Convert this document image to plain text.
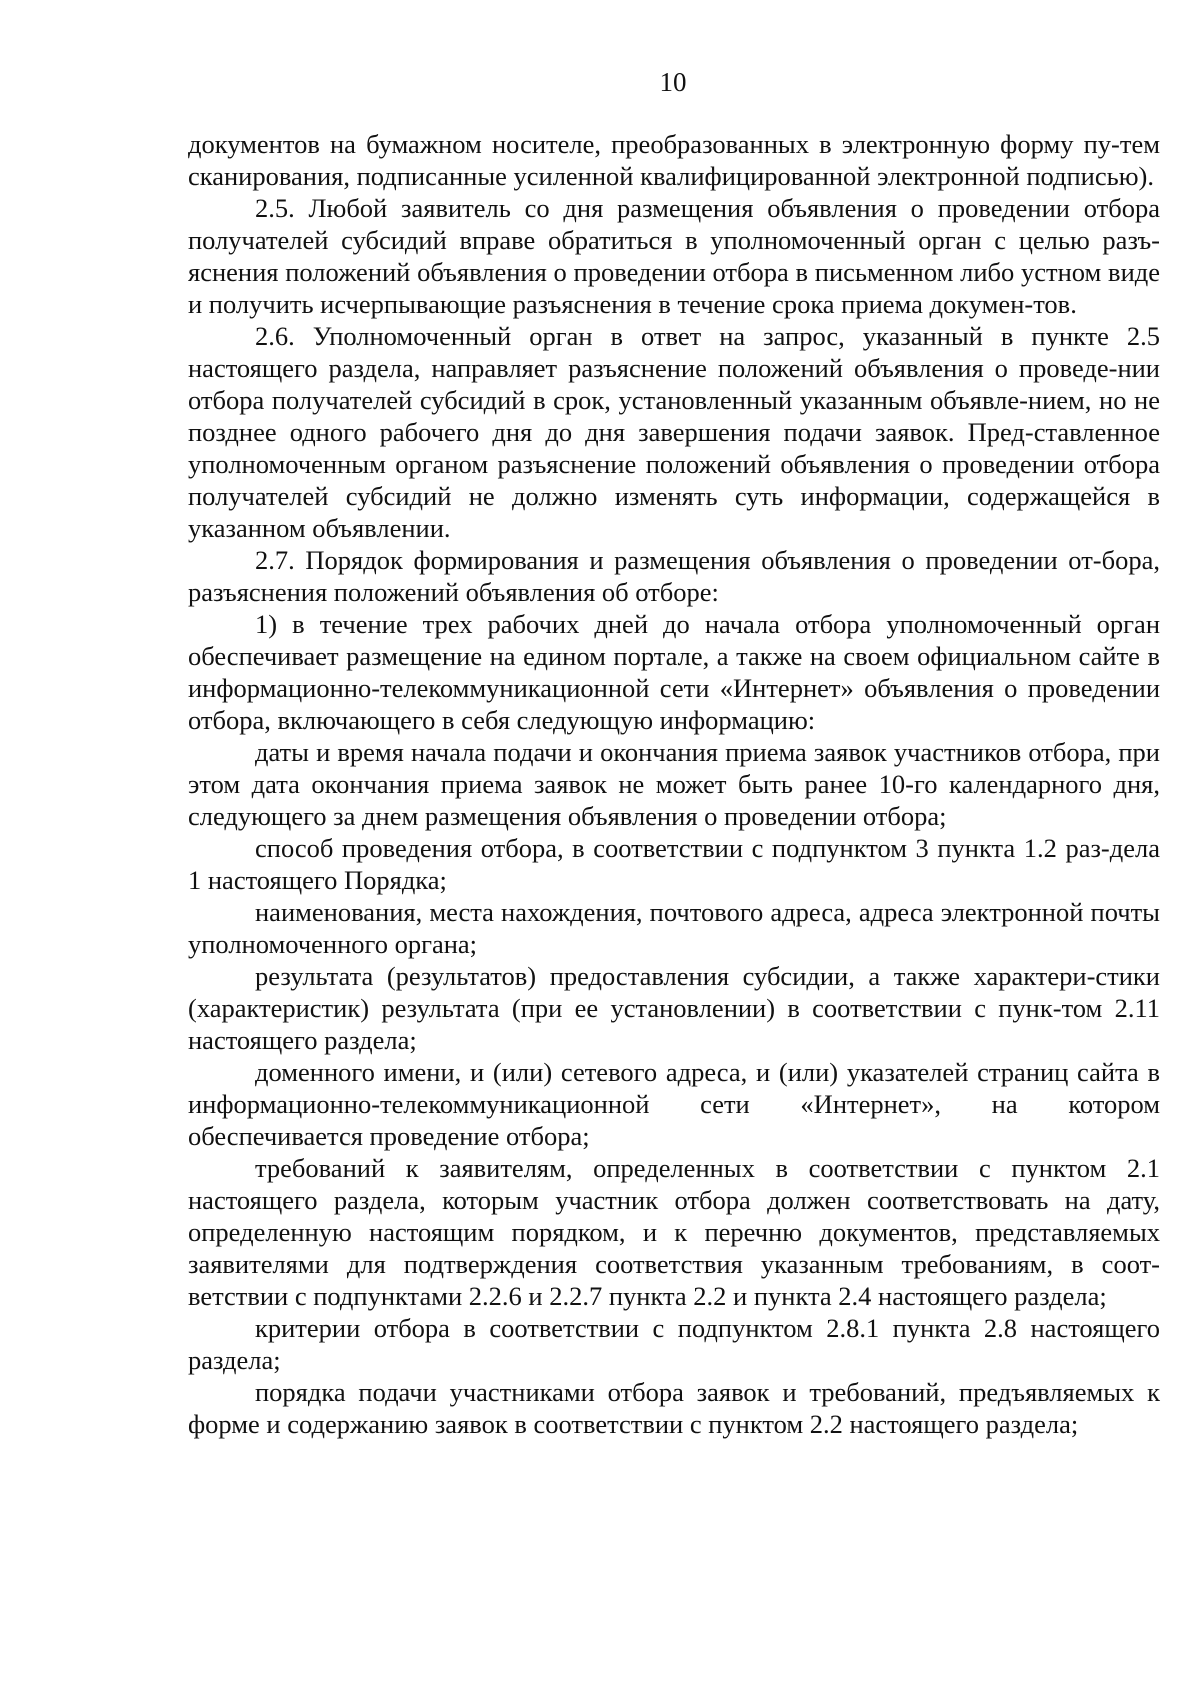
10

документов на бумажном носителе, преобразованных в электронную форму пу-тем сканирования, подписанные усиленной квалифицированной электронной подписью).

2.5. Любой заявитель со дня размещения объявления о проведении отбора получателей субсидий вправе обратиться в уполномоченный орган с целью разъ-яснения положений объявления о проведении отбора в письменном либо устном виде и получить исчерпывающие разъяснения в течение срока приема докумен-тов.

2.6. Уполномоченный орган в ответ на запрос, указанный в пункте 2.5 настоящего раздела, направляет разъяснение положений объявления о проведе-нии отбора получателей субсидий в срок, установленный указанным объявле-нием, но не позднее одного рабочего дня до дня завершения подачи заявок. Пред-ставленное уполномоченным органом разъяснение положений объявления о проведении отбора получателей субсидий не должно изменять суть информации, содержащейся в указанном объявлении.

2.7. Порядок формирования и размещения объявления о проведении от-бора, разъяснения положений объявления об отборе:

1) в течение трех рабочих дней до начала отбора уполномоченный орган обеспечивает размещение на едином портале, а также на своем официальном сайте в информационно-телекоммуникационной сети «Интернет» объявления о проведении отбора, включающего в себя следующую информацию:

даты и время начала подачи и окончания приема заявок участников отбора, при этом дата окончания приема заявок не может быть ранее 10-го календарного дня, следующего за днем размещения объявления о проведении отбора;

способ проведения отбора, в соответствии с подпунктом 3 пункта 1.2 раз-дела 1 настоящего Порядка;

наименования, места нахождения, почтового адреса, адреса электронной почты уполномоченного органа;

результата (результатов) предоставления субсидии, а также характери-стики (характеристик) результата (при ее установлении) в соответствии с пунк-том 2.11 настоящего раздела;

доменного имени, и (или) сетевого адреса, и (или) указателей страниц сайта в информационно-телекоммуникационной сети «Интернет», на котором обеспечивается проведение отбора;

требований к заявителям, определенных в соответствии с пунктом 2.1 настоящего раздела, которым участник отбора должен соответствовать на дату, определенную настоящим порядком, и к перечню документов, представляемых заявителями для подтверждения соответствия указанным требованиям, в соот-ветствии с подпунктами 2.2.6 и 2.2.7 пункта 2.2 и пункта 2.4 настоящего раздела;

критерии отбора в соответствии с подпунктом 2.8.1 пункта 2.8 настоящего раздела;

порядка подачи участниками отбора заявок и требований, предъявляемых к форме и содержанию заявок в соответствии с пунктом 2.2 настоящего раздела;
